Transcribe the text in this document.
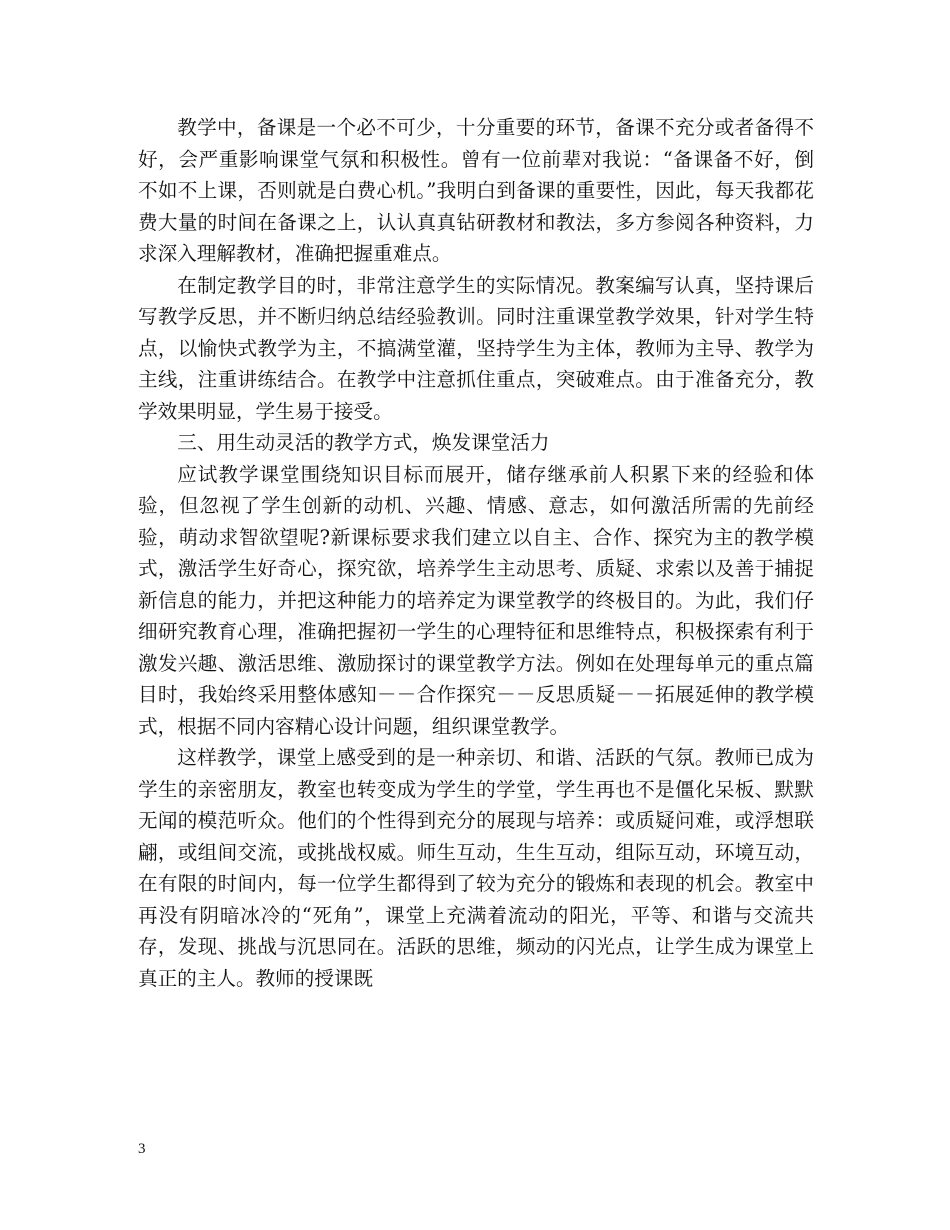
教学中，备课是一个必不可少，十分重要的环节，备课不充分或者备得不好，会严重影响课堂气氛和积极性。曾有一位前辈对我说：“备课备不好，倒不如不上课，否则就是白费心机。”我明白到备课的重要性，因此，每天我都花费大量的时间在备课之上，认认真真钻研教材和教法，多方参阅各种资料，力求深入理解教材，准确把握重难点。

在制定教学目的时，非常注意学生的实际情况。教案编写认真，坚持课后写教学反思，并不断归纳总结经验教训。同时注重课堂教学效果，针对学生特点，以愉快式教学为主，不搞满堂灌，坚持学生为主体，教师为主导、教学为主线，注重讲练结合。在教学中注意抓住重点，突破难点。由于准备充分，教学效果明显，学生易于接受。

三、用生动灵活的教学方式，焕发课堂活力

应试教学课堂围绕知识目标而展开，储存继承前人积累下来的经验和体验，但忽视了学生创新的动机、兴趣、情感、意志，如何激活所需的先前经验，萌动求智欲望呢?新课标要求我们建立以自主、合作、探究为主的教学模式，激活学生好奇心，探究欲，培养学生主动思考、质疑、求索以及善于捕捉新信息的能力，并把这种能力的培养定为课堂教学的终极目的。为此，我们仔细研究教育心理，准确把握初一学生的心理特征和思维特点，积极探索有利于激发兴趣、激活思维、激励探讨的课堂教学方法。例如在处理每单元的重点篇目时，我始终采用整体感知－－合作探究－－反思质疑－－拓展延伸的教学模式，根据不同内容精心设计问题，组织课堂教学。

这样教学，课堂上感受到的是一种亲切、和谐、活跃的气氛。教师已成为学生的亲密朋友，教室也转变成为学生的学堂，学生再也不是僵化呆板、默默无闻的模范听众。他们的个性得到充分的展现与培养：或质疑问难，或浮想联翩，或组间交流，或挑战权威。师生互动，生生互动，组际互动，环境互动，在有限的时间内，每一位学生都得到了较为充分的锻炼和表现的机会。教室中再没有阴暗冰冷的“死角”，课堂上充满着流动的阳光，平等、和谐与交流共存，发现、挑战与沉思同在。活跃的思维，频动的闪光点，让学生成为课堂上真正的主人。教师的授课既

3
